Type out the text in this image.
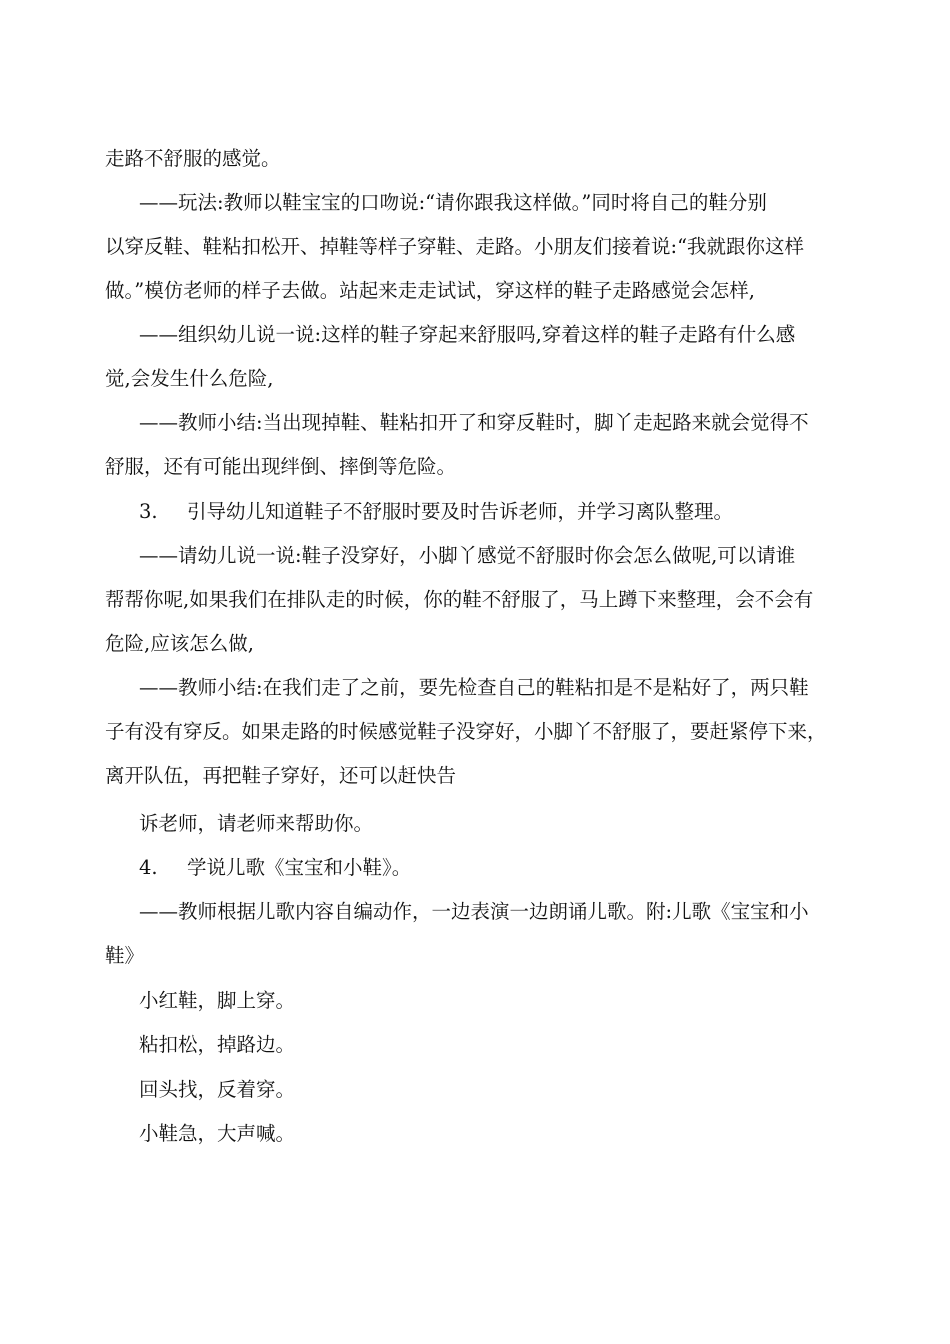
走路不舒服的感觉。
——玩法:教师以鞋宝宝的口吻说:“请你跟我这样做。”同时将自己的鞋分别
以穿反鞋、鞋粘扣松开、掉鞋等样子穿鞋、走路。小朋友们接着说:“我就跟你这样
做。”模仿老师的样子去做。站起来走走试试，穿这样的鞋子走路感觉会怎样,
——组织幼儿说一说:这样的鞋子穿起来舒服吗,穿着这样的鞋子走路有什么感
觉,会发生什么危险,
——教师小结:当出现掉鞋、鞋粘扣开了和穿反鞋时，脚丫走起路来就会觉得不
舒服，还有可能出现绊倒、摔倒等危险。
3. 引导幼儿知道鞋子不舒服时要及时告诉老师，并学习离队整理。
——请幼儿说一说:鞋子没穿好，小脚丫感觉不舒服时你会怎么做呢,可以请谁
帮帮你呢,如果我们在排队走的时候，你的鞋不舒服了，马上蹲下来整理，会不会有
危险,应该怎么做,
——教师小结:在我们走了之前，要先检查自己的鞋粘扣是不是粘好了，两只鞋
子有没有穿反。如果走路的时候感觉鞋子没穿好，小脚丫不舒服了，要赶紧停下来，
离开队伍，再把鞋子穿好，还可以赶快告
诉老师，请老师来帮助你。
4. 学说儿歌《宝宝和小鞋》。
——教师根据儿歌内容自编动作，一边表演一边朗诵儿歌。附:儿歌《宝宝和小
鞋》
小红鞋，脚上穿。
粘扣松，掉路边。
回头找，反着穿。
小鞋急，大声喊。
